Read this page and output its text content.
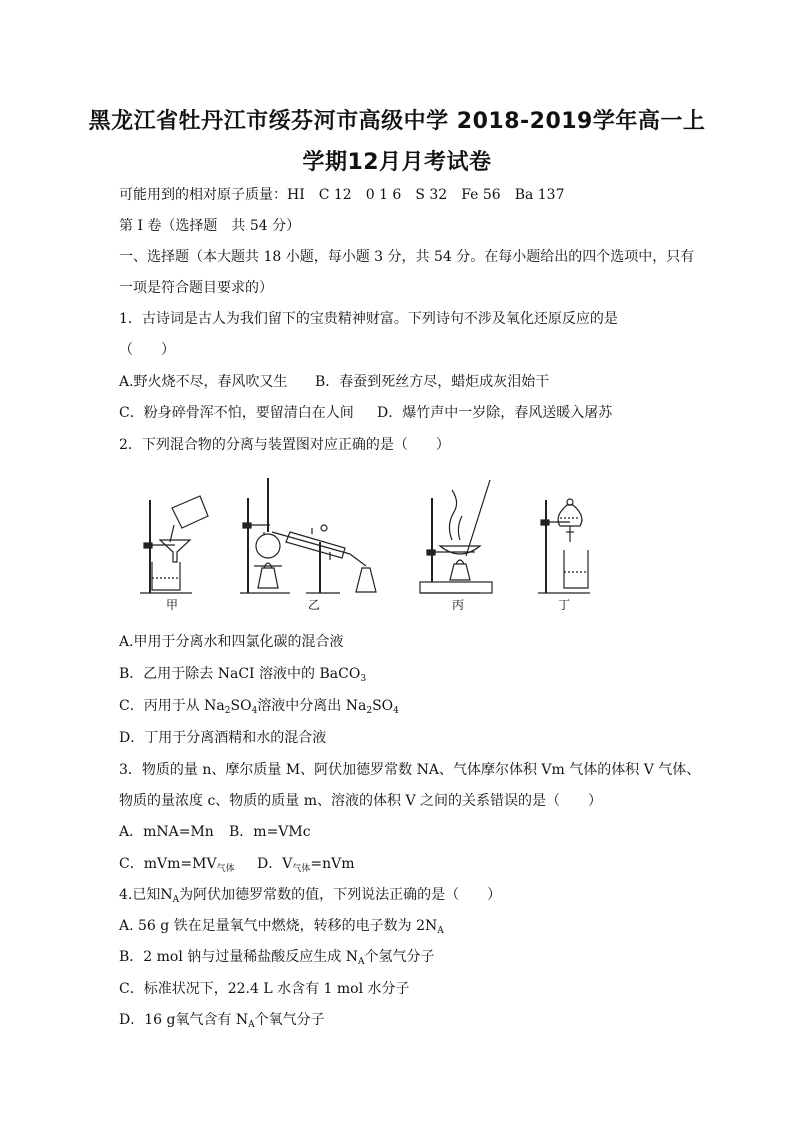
黑龙江省牡丹江市绥芬河市高级中学 2018-2019学年高一上
学期12月月考试卷
可能用到的相对原子质量：HI　C 12　0 1 6　S 32　Fe 56　Ba 137
第 I 卷（选择题　共 54 分）
一、选择题（本大题共 18 小题，每小题 3 分，共 54 分。在每小题给出的四个选项中，只有
一项是符合题目要求的）
1．古诗词是古人为我们留下的宝贵精神财富。下列诗句不涉及氧化还原反应的是
（　　）
A.野火烧不尽，春风吹又生 B．春蚕到死丝方尽，蜡炬成灰泪始干
C．粉身碎骨浑不怕，要留清白在人间 D．爆竹声中一岁除，春风送暖入屠苏
2．下列混合物的分离与装置图对应正确的是（　　）
甲	乙	丙	丁
A.甲用于分离水和四氯化碳的混合液
B．乙用于除去 NaCI 溶液中的 BaCO$_3$
C．丙用于从 $Na_2SO_4$溶液中分离出 $Na_2SO_4$
D．丁用于分离酒精和水的混合液
3．物质的量 n、摩尔质量 M、阿伏加德罗常数 NA、气体摩尔体积 Vm 气体的体积 V 气体、
物质的量浓度 c、物质的质量 m、溶液的体积 V 之间的关系错误的是（　　）
A．mNA=Mn B．m=VMc
C．$mVm=MV_{气体}$ D．$V_{气体}=nVm$
4.已知$N_A$为阿伏加德罗常数的值，下列说法正确的是（　　）
A. 56 g 铁在足量氧气中燃烧，转移的电子数为 $2N_A$
B．2 mol 钠与过量稀盐酸反应生成 $N_A$个氢气分子
C．标准状况下，22.4 L 水含有 1 mol 水分子
D．16 g氧气含有 $N_A$个氧气分子
